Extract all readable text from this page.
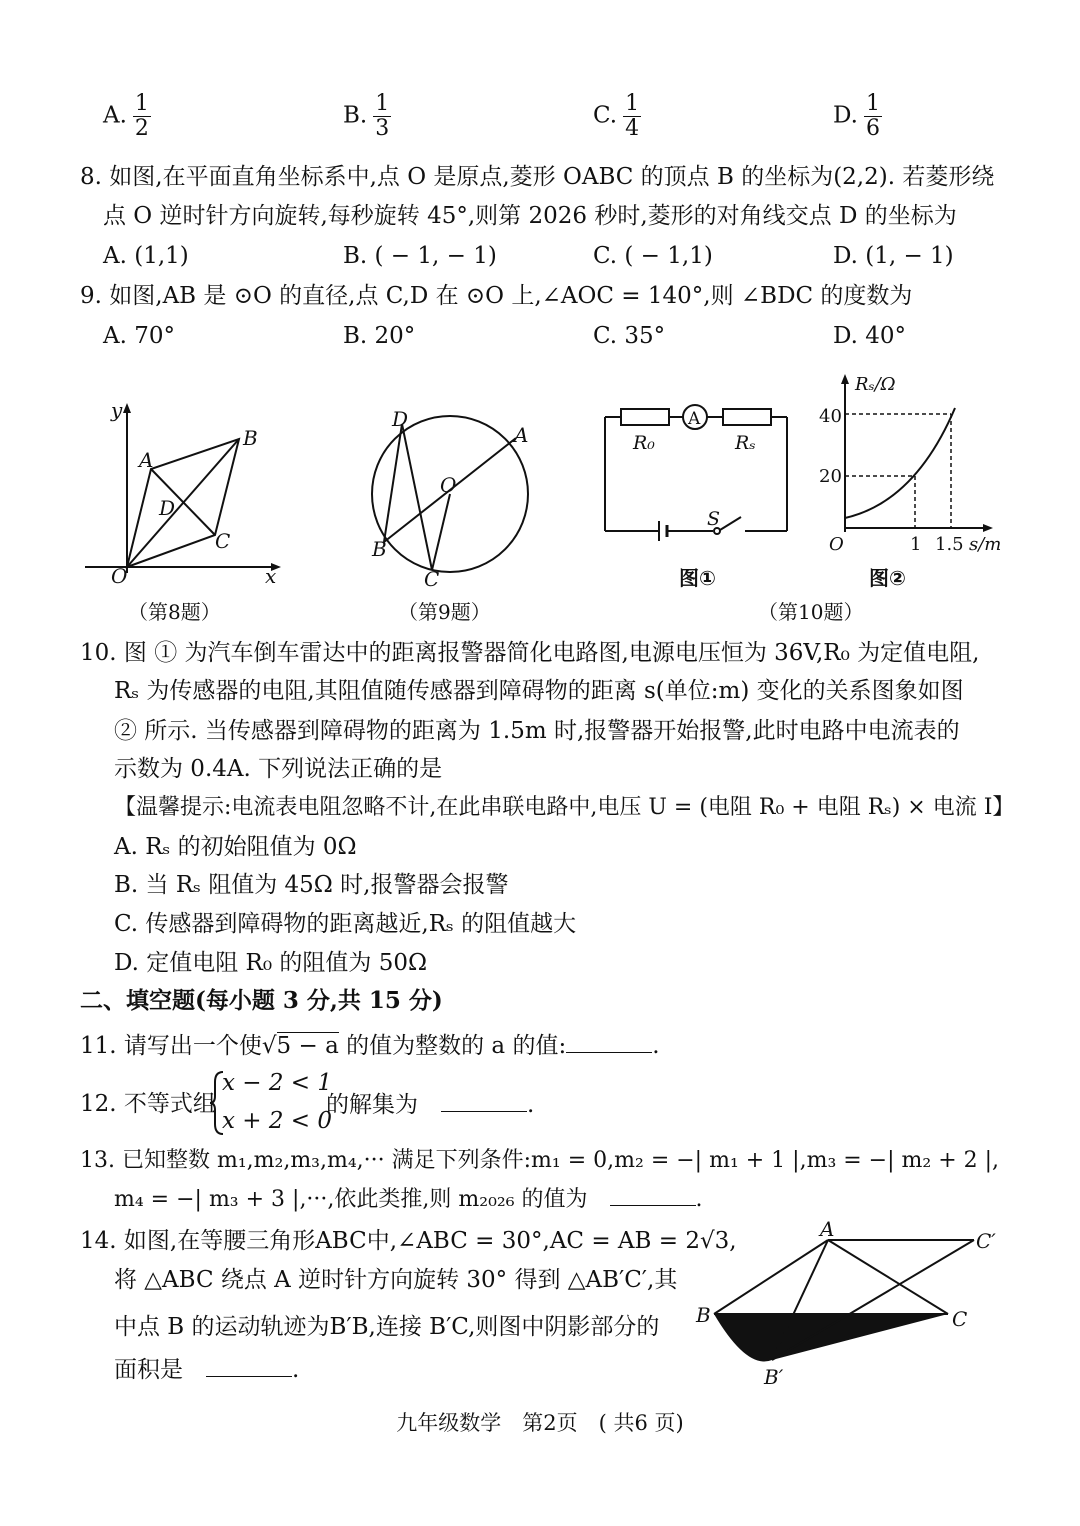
A. $\frac{1}{2}$	B. $\frac{1}{3}$	C. $\frac{1}{4}$	D. $\frac{1}{6}$
8. 如图,在平面直角坐标系中,点 O 是原点,菱形 OABC 的顶点 B 的坐标为(2,2). 若菱形绕
点 O 逆时针方向旋转,每秒旋转 45°,则第 2026 秒时,菱形的对角线交点 D 的坐标为
A. (1,1)	B. ( − 1, − 1)	C. ( − 1,1)	D. (1, − 1)
9. 如图,AB 是 ⊙O 的直径,点 C,D 在 ⊙O 上,∠AOC = 140°,则 ∠BDC 的度数为
A. 70°	B. 20°	C. 35°	D. 40°
y
x
O
A
B
C
D
（第8题）
D
A
O
B
C
（第9题）
A
R₀	Rₛ
S
图①
Rₛ/Ω
40
20
O	1 1.5 s/m
图②
（第10题）
10. 图 ① 为汽车倒车雷达中的距离报警器简化电路图,电源电压恒为 36V,R₀ 为定值电阻,
Rₛ 为传感器的电阻,其阻值随传感器到障碍物的距离 s(单位:m) 变化的关系图象如图
② 所示. 当传感器到障碍物的距离为 1.5m 时,报警器开始报警,此时电路中电流表的
示数为 0.4A. 下列说法正确的是
【温馨提示:电流表电阻忽略不计,在此串联电路中,电压 U = (电阻 R₀ + 电阻 Rₛ) × 电流 I】
A. Rₛ 的初始阻值为 0Ω
B. 当 Rₛ 阻值为 45Ω 时,报警器会报警
C. 传感器到障碍物的距离越近,Rₛ 的阻值越大
D. 定值电阻 R₀ 的阻值为 50Ω
二、填空题(每小题 3 分,共 15 分)
11. 请写出一个使√5 − a 的值为整数的 a 的值:	.
12. 不等式组
x − 2 < 1
x + 2 < 0
的解集为　	.
13. 已知整数 m₁,m₂,m₃,m₄,··· 满足下列条件:m₁ = 0,m₂ = −| m₁ + 1 |,m₃ = −| m₂ + 2 |,
m₄ = −| m₃ + 3 |,···,依此类推,则 m₂₀₂₆ 的值为　	.
14. 如图,在等腰三角形ABC中,∠ABC = 30°,AC = AB = 2√3,
将 △ABC 绕点 A 逆时针方向旋转 30° 得到 △AB′C′,其
中点 B 的运动轨迹为B′B,连接 B′C,则图中阴影部分的
面积是　	.
A	C′
B	C
B′
九年级数学　第2页　( 共6 页)
